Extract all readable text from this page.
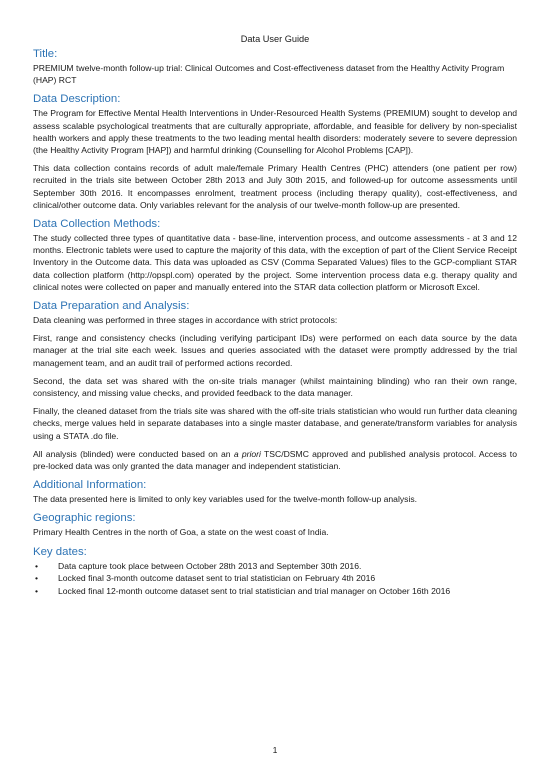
Data User Guide
Title:

PREMIUM twelve-month follow-up trial: Clinical Outcomes and Cost-effectiveness dataset from the Healthy Activity Program (HAP) RCT

Data Description:

The Program for Effective Mental Health Interventions in Under-Resourced Health Systems (PREMIUM) sought to develop and assess scalable psychological treatments that are culturally appropriate, affordable, and feasible for delivery by non-specialist health workers and apply these treatments to the two leading mental health disorders: moderately severe to severe depression (the Healthy Activity Program [HAP]) and harmful drinking (Counselling for Alcohol Problems [CAP]).

This data collection contains records of adult male/female Primary Health Centres (PHC) attenders (one patient per row) recruited in the trials site between October 28th 2013 and July 30th 2015, and followed-up for outcome assessments until September 30th 2016. It encompasses enrolment, treatment process (including therapy quality), cost-effectiveness, and clinical/other outcome data. Only variables relevant for the analysis of our twelve-month follow-up are presented.

Data Collection Methods:

The study collected three types of quantitative data - base-line, intervention process, and outcome assessments - at 3 and 12 months. Electronic tablets were used to capture the majority of this data, with the exception of part of the Client Service Receipt Inventory in the Outcome data. This data was uploaded as CSV (Comma Separated Values) files to the GCP-compliant STAR data collection platform (http://opspl.com) operated by the project. Some intervention process data e.g. therapy quality and clinical notes were collected on paper and manually entered into the STAR data collection platform or Microsoft Excel.

Data Preparation and Analysis:

Data cleaning was performed in three stages in accordance with strict protocols:

First, range and consistency checks (including verifying participant IDs) were performed on each data source by the data manager at the trial site each week. Issues and queries associated with the dataset were promptly addressed by the trial management team, and an audit trail of performed actions recorded.

Second, the data set was shared with the on-site trials manager (whilst maintaining blinding) who ran their own range, consistency, and missing value checks, and provided feedback to the data manager.

Finally, the cleaned dataset from the trials site was shared with the off-site trials statistician who would run further data cleaning checks, merge values held in separate databases into a single master database, and generate/transform variables for analysis using a STATA .do file.

All analysis (blinded) were conducted based on an a priori TSC/DSMC approved and published analysis protocol. Access to pre-locked data was only granted the data manager and independent statistician.

Additional Information:

The data presented here is limited to only key variables used for the twelve-month follow-up analysis.

Geographic regions:

Primary Health Centres in the north of Goa, a state on the west coast of India.

Key dates:
• Data capture took place between October 28th 2013 and September 30th 2016.
• Locked final 3-month outcome dataset sent to trial statistician on February 4th 2016
• Locked final 12-month outcome dataset sent to trial statistician and trial manager on October 16th 2016
1
